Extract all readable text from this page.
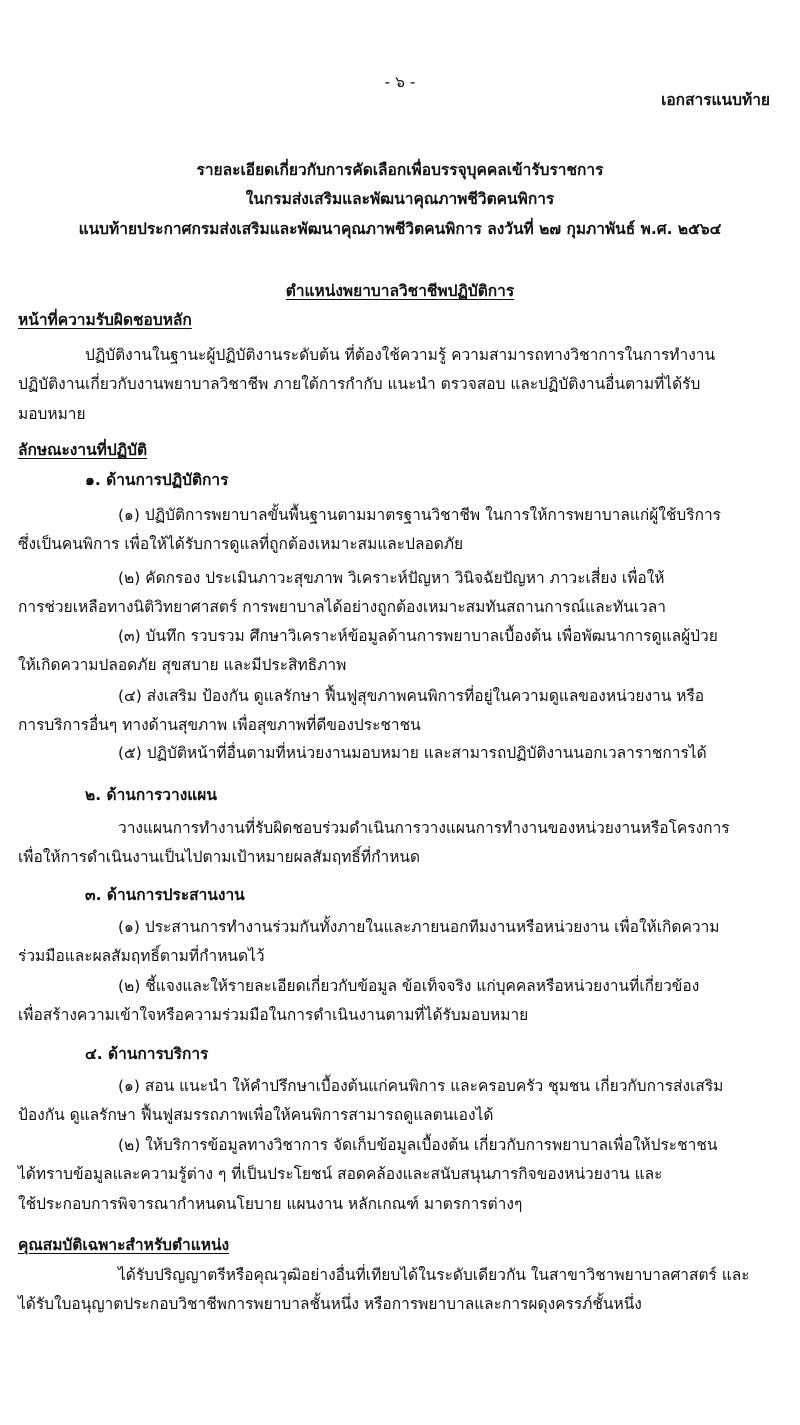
- ๖ -
เอกสารแนบท้าย
รายละเอียดเกี่ยวกับการคัดเลือกเพื่อบรรจุบุคคลเข้ารับราชการ
ในกรมส่งเสริมและพัฒนาคุณภาพชีวิตคนพิการ
แนบท้ายประกาศกรมส่งเสริมและพัฒนาคุณภาพชีวิตคนพิการ ลงวันที่ ๒๗ กุมภาพันธ์ พ.ศ. ๒๕๖๔
ตำแหน่งพยาบาลวิชาชีพปฏิบัติการ
หน้าที่ความรับผิดชอบหลัก
ปฏิบัติงานในฐานะผู้ปฏิบัติงานระดับต้น ที่ต้องใช้ความรู้ ความสามารถทางวิชาการในการทำงาน
ปฏิบัติงานเกี่ยวกับงานพยาบาลวิชาชีพ ภายใต้การกำกับ แนะนำ ตรวจสอบ และปฏิบัติงานอื่นตามที่ได้รับ
มอบหมาย
ลักษณะงานที่ปฏิบัติ
๑. ด้านการปฏิบัติการ
(๑) ปฏิบัติการพยาบาลขั้นพื้นฐานตามมาตรฐานวิชาชีพ ในการให้การพยาบาลแก่ผู้ใช้บริการ
ซึ่งเป็นคนพิการ เพื่อให้ได้รับการดูแลที่ถูกต้องเหมาะสมและปลอดภัย
(๒) คัดกรอง ประเมินภาวะสุขภาพ วิเคราะห์ปัญหา วินิจฉัยปัญหา ภาวะเสี่ยง เพื่อให้
การช่วยเหลือทางนิติวิทยาศาสตร์ การพยาบาลได้อย่างถูกต้องเหมาะสมทันสถานการณ์และทันเวลา
(๓) บันทึก รวบรวม ศึกษาวิเคราะห์ข้อมูลด้านการพยาบาลเบื้องต้น เพื่อพัฒนาการดูแลผู้ป่วย
ให้เกิดความปลอดภัย สุขสบาย และมีประสิทธิภาพ
(๔) ส่งเสริม ป้องกัน ดูแลรักษา ฟื้นฟูสุขภาพคนพิการที่อยู่ในความดูแลของหน่วยงาน หรือ
การบริการอื่นๆ ทางด้านสุขภาพ เพื่อสุขภาพที่ดีของประชาชน
(๕) ปฏิบัติหน้าที่อื่นตามที่หน่วยงานมอบหมาย และสามารถปฏิบัติงานนอกเวลาราชการได้
๒. ด้านการวางแผน
วางแผนการทำงานที่รับผิดชอบร่วมดำเนินการวางแผนการทำงานของหน่วยงานหรือโครงการ
เพื่อให้การดำเนินงานเป็นไปตามเป้าหมายผลสัมฤทธิ์ที่กำหนด
๓. ด้านการประสานงาน
(๑) ประสานการทำงานร่วมกันทั้งภายในและภายนอกทีมงานหรือหน่วยงาน เพื่อให้เกิดความ
ร่วมมือและผลสัมฤทธิ์ตามที่กำหนดไว้
(๒) ชี้แจงและให้รายละเอียดเกี่ยวกับข้อมูล ข้อเท็จจริง แก่บุคคลหรือหน่วยงานที่เกี่ยวข้อง
เพื่อสร้างความเข้าใจหรือความร่วมมือในการดำเนินงานตามที่ได้รับมอบหมาย
๔. ด้านการบริการ
(๑) สอน แนะนำ ให้คำปรึกษาเบื้องต้นแก่คนพิการ และครอบครัว ชุมชน เกี่ยวกับการส่งเสริม
ป้องกัน ดูแลรักษา ฟื้นฟูสมรรถภาพเพื่อให้คนพิการสามารถดูแลตนเองได้
(๒) ให้บริการข้อมูลทางวิชาการ จัดเก็บข้อมูลเบื้องต้น เกี่ยวกับการพยาบาลเพื่อให้ประชาชน
ได้ทราบข้อมูลและความรู้ต่าง ๆ ที่เป็นประโยชน์ สอดคล้องและสนับสนุนภารกิจของหน่วยงาน และ
ใช้ประกอบการพิจารณากำหนดนโยบาย แผนงาน หลักเกณฑ์ มาตรการต่างๆ
คุณสมบัติเฉพาะสำหรับตำแหน่ง
ได้รับปริญญาตรีหรือคุณวุฒิอย่างอื่นที่เทียบได้ในระดับเดียวกัน ในสาขาวิชาพยาบาลศาสตร์ และ
ได้รับใบอนุญาตประกอบวิชาชีพการพยาบาลชั้นหนึ่ง หรือการพยาบาลและการผดุงครรภ์ชั้นหนึ่ง
